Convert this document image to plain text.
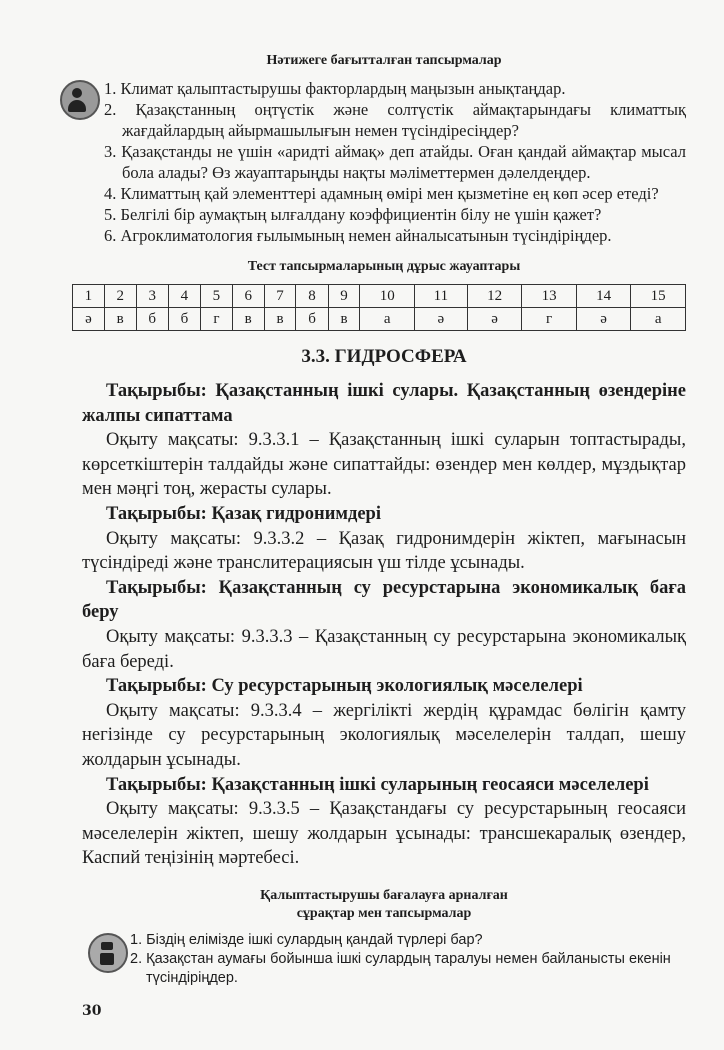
Нәтижеге бағытталған тапсырмалар
1. Климат қалыптастырушы факторлардың маңызын анықтаңдар.
2. Қазақстанның оңтүстік және солтүстік аймақтарындағы климаттық жағдайлардың айырмашылығын немен түсіндіресіңдер?
3. Қазақстанды не үшін «аридті аймақ» деп атайды. Оған қандай аймақтар мысал бола алады? Өз жауаптарыңды нақты мәліметтермен дәлелдеңдер.
4. Климаттың қай элементтері адамның өмірі мен қызметіне ең көп әсер етеді?
5. Белгілі бір аумақтың ылғалдану коэффициентін білу не үшін қажет?
6. Агроклиматология ғылымының немен айналысатынын түсіндіріңдер.
Тест тапсырмаларының дұрыс жауаптары
1	2	3	4	5	6	7	8	9	10	11	12	13	14	15
ә	в	б	б	г	в	в	б	в	а	ә	ә	г	ә	а
3.3. ГИДРОСФЕРА

Тақырыбы: Қазақстанның ішкі сулары. Қазақстанның өзендеріне жалпы сипаттама

Оқыту мақсаты: 9.3.3.1 – Қазақстанның ішкі суларын топтастырады, көрсеткіштерін талдайды және сипаттайды: өзендер мен көлдер, мұздықтар мен мәңгі тоң, жерасты сулары.

Тақырыбы: Қазақ гидронимдері

Оқыту мақсаты: 9.3.3.2 – Қазақ гидронимдерін жіктеп, мағынасын түсіндіреді және транслитерациясын үш тілде ұсынады.

Тақырыбы: Қазақстанның су ресурстарына экономикалық баға беру

Оқыту мақсаты: 9.3.3.3 – Қазақстанның су ресурстарына экономикалық баға береді.

Тақырыбы: Су ресурстарының экологиялық мәселелері

Оқыту мақсаты: 9.3.3.4 – жергілікті жердің құрамдас бөлігін қамту негізінде су ресурстарының экологиялық мәселелерін талдап, шешу жолдарын ұсынады.

Тақырыбы: Қазақстанның ішкі суларының геосаяси мәселелері

Оқыту мақсаты: 9.3.3.5 – Қазақстандағы су ресурстарының геосаяси мәселелерін жіктеп, шешу жолдарын ұсынады: трансшекаралық өзендер, Каспий теңізінің мәртебесі.

Қалыптастырушы бағалауға арналған
сұрақтар мен тапсырмалар
1. Біздің елімізде ішкі сулардың қандай түрлері бар?
2. Қазақстан аумағы бойынша ішкі сулардың таралуы немен байланысты екенін түсіндіріңдер.
30
